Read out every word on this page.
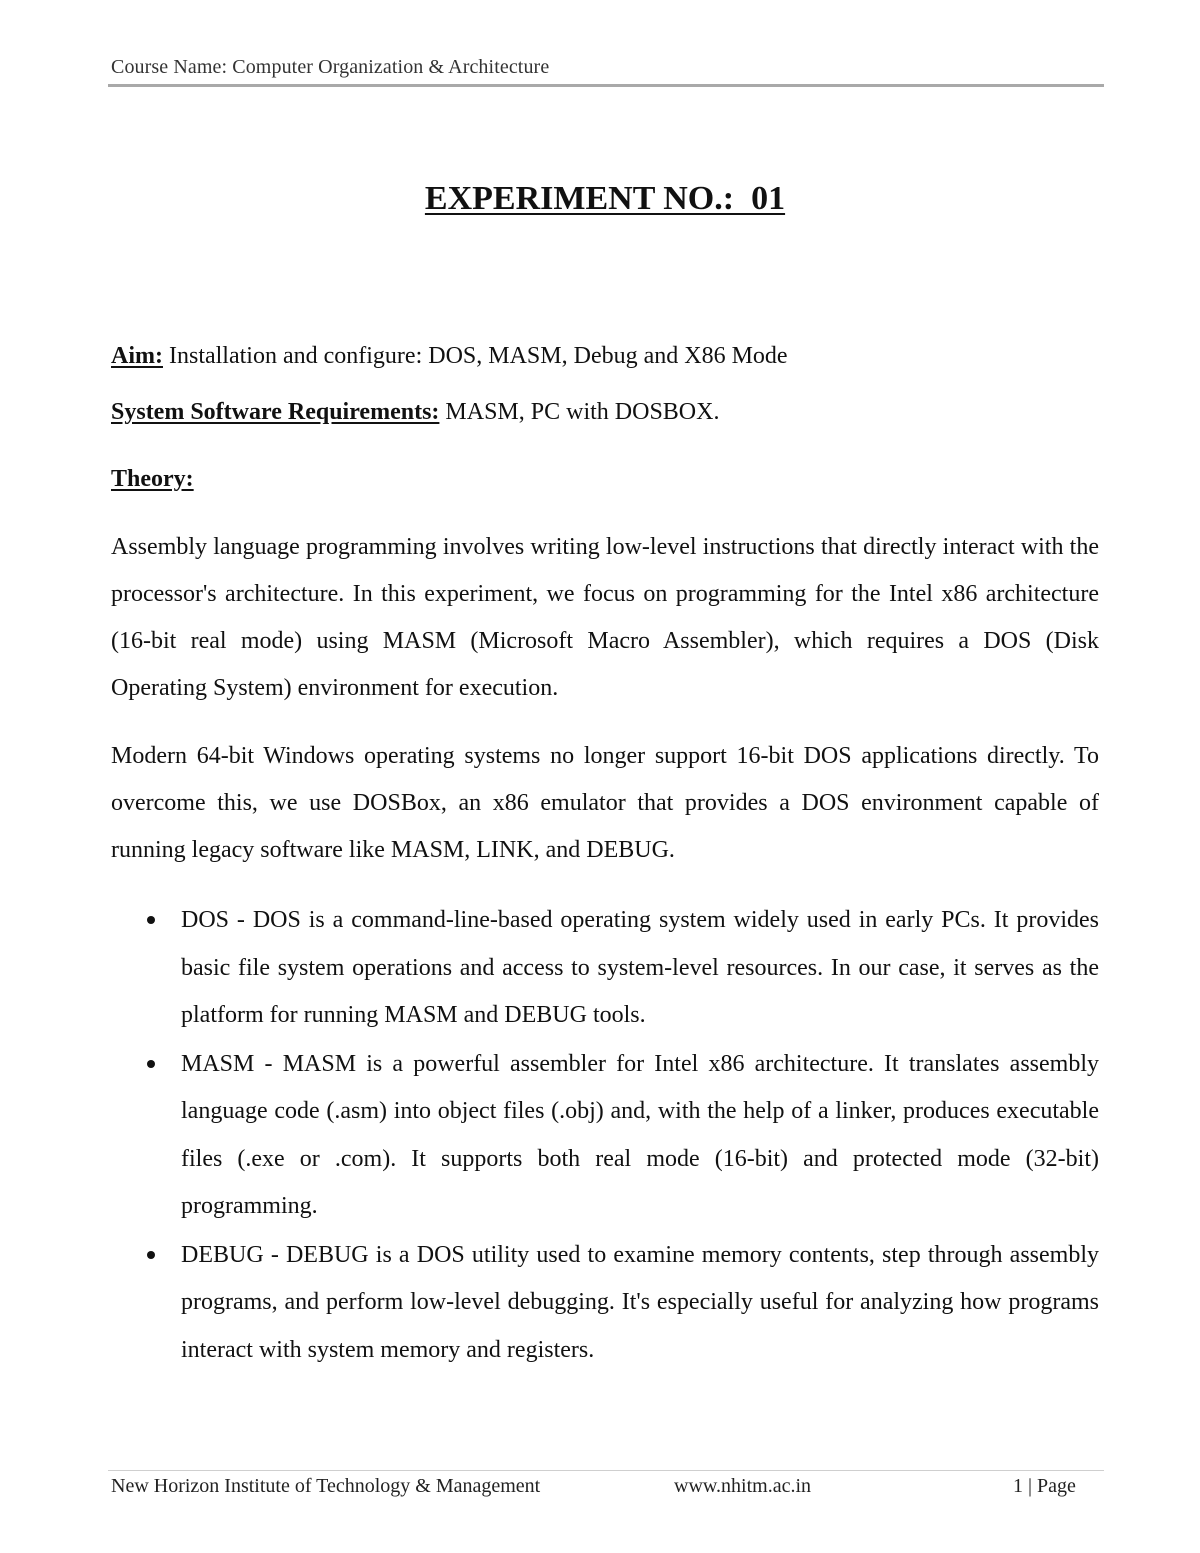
Course Name: Computer Organization & Architecture
EXPERIMENT NO.:  01
Aim: Installation and configure: DOS, MASM, Debug and X86 Mode
System Software Requirements: MASM, PC with DOSBOX.
Theory:

Assembly language programming involves writing low-level instructions that directly interact with the processor's architecture. In this experiment, we focus on programming for the Intel x86 architecture (16-bit real mode) using MASM (Microsoft Macro Assembler), which requires a DOS (Disk Operating System) environment for execution.

Modern 64-bit Windows operating systems no longer support 16-bit DOS applications directly. To overcome this, we use DOSBox, an x86 emulator that provides a DOS environment capable of running legacy software like MASM, LINK, and DEBUG.

DOS - DOS is a command-line-based operating system widely used in early PCs. It provides basic file system operations and access to system-level resources. In our case, it serves as the platform for running MASM and DEBUG tools.
MASM - MASM is a powerful assembler for Intel x86 architecture. It translates assembly language code (.asm) into object files (.obj) and, with the help of a linker, produces executable files (.exe or .com). It supports both real mode (16-bit) and protected mode (32-bit) programming.
DEBUG - DEBUG is a DOS utility used to examine memory contents, step through assembly programs, and perform low-level debugging. It's especially useful for analyzing how programs interact with system memory and registers.
New Horizon Institute of Technology & Management	www.nhitm.ac.in	1 | Page
